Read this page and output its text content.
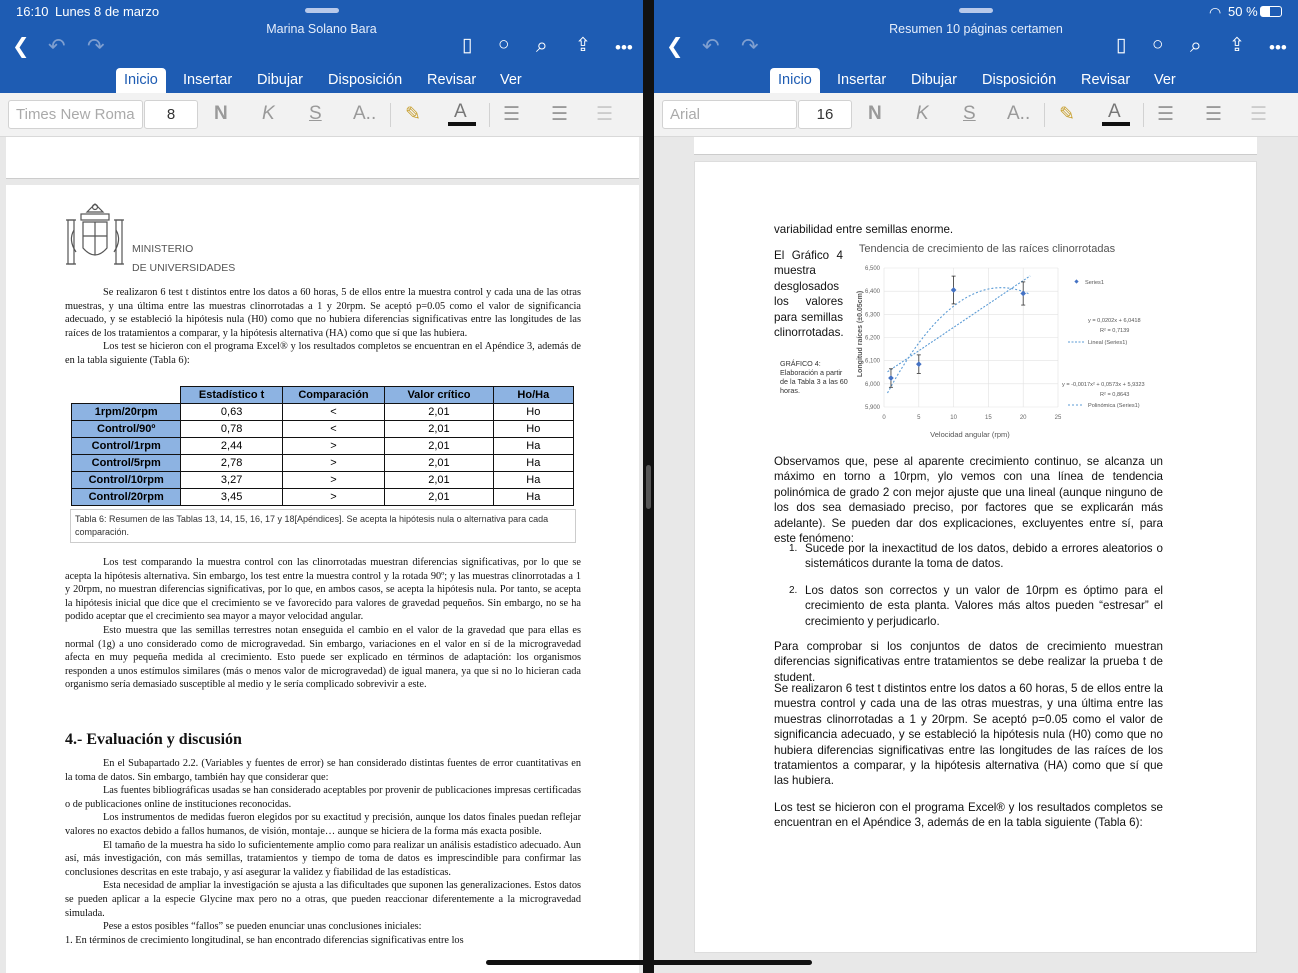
16:10 Lunes 8 de marzo
Marina Solano Bara
❮ ↶ ↷	▯ ○ ⌕ ⇪ •••
Inicio	Insertar Dibujar Disposición Revisar Ver
Times New Roma	8	N K S A.. ✎ A ☰ ☰ ☰
MINISTERIO
DE UNIVERSIDADES

Se realizaron 6 test t distintos entre los datos a 60 horas, 5 de ellos entre la muestra control y cada una de las otras muestras, y una última entre las muestras clinorrotadas a 1 y 20rpm. Se aceptó p=0.05 como el valor de significancia adecuado, y se estableció la hipótesis nula (H0) como que no hubiera diferencias significativas entre las longitudes de las raíces de los tratamientos a comparar, y la hipótesis alternativa (HA) como que sí que las hubiera.

Los test se hicieron con el programa Excel® y los resultados completos se encuentran en el Apéndice 3, además de en la tabla siguiente (Tabla 6):

	Estadístico t	Comparación	Valor crítico	Ho/Ha
1rpm/20rpm	0,63	<	2,01	Ho
Control/90º	0,78	<	2,01	Ho
Control/1rpm	2,44	>	2,01	Ha
Control/5rpm	2,78	>	2,01	Ha
Control/10rpm	3,27	>	2,01	Ha
Control/20rpm	3,45	>	2,01	Ha
Tabla 6: Resumen de las Tablas 13, 14, 15, 16, 17 y 18[Apéndices]. Se acepta la hipótesis nula o alternativa para cada comparación.

Los test comparando la muestra control con las clinorrotadas muestran diferencias significativas, por lo que se acepta la hipótesis alternativa. Sin embargo, los test entre la muestra control y la rotada 90º; y las muestras clinorrotadas a 1 y 20rpm, no muestran diferencias significativas, por lo que, en ambos casos, se acepta la hipótesis nula. Por tanto, se acepta la hipótesis inicial que dice que el crecimiento se ve favorecido para valores de gravedad pequeños. Sin embargo, no se ha podido aceptar que el crecimiento sea mayor a mayor velocidad angular.

Esto muestra que las semillas terrestres notan enseguida el cambio en el valor de la gravedad que para ellas es normal (1g) a uno considerado como de microgravedad. Sin embargo, variaciones en el valor en sí de la microgravedad afecta en muy pequeña medida al crecimiento. Esto puede ser explicado en términos de adaptación: los organismos responden a unos estímulos similares (más o menos valor de microgravedad) de igual manera, ya que si no lo hicieran cada organismo sería demasiado susceptible al medio y le sería complicado sobrevivir a este.

4.- Evaluación y discusión

En el Subapartado 2.2. (Variables y fuentes de error) se han considerado distintas fuentes de error cuantitativas en la toma de datos. Sin embargo, también hay que considerar que:

Las fuentes bibliográficas usadas se han considerado aceptables por provenir de publicaciones impresas certificadas o de publicaciones online de instituciones reconocidas.

Los instrumentos de medidas fueron elegidos por su exactitud y precisión, aunque los datos finales puedan reflejar valores no exactos debido a fallos humanos, de visión, montaje… aunque se hiciera de la forma más exacta posible.

El tamaño de la muestra ha sido lo suficientemente amplio como para realizar un análisis estadístico adecuado. Aun así, más investigación, con más semillas, tratamientos y tiempo de toma de datos es imprescindible para confirmar las conclusiones descritas en este trabajo, y así asegurar la validez y fiabilidad de las estadísticas.

Esta necesidad de ampliar la investigación se ajusta a las dificultades que suponen las generalizaciones. Estos datos se pueden aplicar a la especie Glycine max pero no a otras, que pueden reaccionar diferentemente a la microgravedad simulada.

Pese a estos posibles “fallos” se pueden enunciar unas conclusiones iniciales:

1. En términos de crecimiento longitudinal, se han encontrado diferencias significativas entre los
◠ 50 %
Resumen 10 páginas certamen
❮ ↶ ↷	▯ ○ ⌕ ⇪ •••
Inicio	Insertar Dibujar Disposición Revisar Ver
Arial	16	N K S A.. ✎ A ☰ ☰ ☰
variabilidad entre semillas enorme.
El Gráfico 4 muestra desglosados los valores para semillas clinorrotadas.
GRÁFICO 4: Elaboración a partir de la Tabla 3 a las 60 horas.
Tendencia de crecimiento de las raíces clinorrotadas
Longitud raíces (±0.05cm)
Velocidad angular (rpm)
5,900
6,000
6,100
6,200
6,300
6,400
6,500
0	5	10	15	20	25
Series1
y = 0,0202x + 6,0418
R² = 0,7139
Lineal (Series1)
y = -0,0017x² + 0,0573x + 5,9323
R² = 0,8643
Polinómica (Series1)
Observamos que, pese al aparente crecimiento continuo, se alcanza un máximo en torno a 10rpm, ylo vemos con una línea de tendencia polinómica de grado 2 con mejor ajuste que una lineal (aunque ninguno de los dos sea demasiado preciso, por factores que se explicarán más adelante). Se pueden dar dos explicaciones, excluyentes entre sí, para este fenómeno:
1. Sucede por la inexactitud de los datos, debido a errores aleatorios o sistemáticos durante la toma de datos.
2. Los datos son correctos y un valor de 10rpm es óptimo para el crecimiento de esta planta. Valores más altos pueden “estresar” el crecimiento y perjudicarlo.
Para comprobar si los conjuntos de datos de crecimiento muestran diferencias significativas entre tratamientos se debe realizar la prueba t de student.
Se realizaron 6 test t distintos entre los datos a 60 horas, 5 de ellos entre la muestra control y cada una de las otras muestras, y una última entre las muestras clinorrotadas a 1 y 20rpm. Se aceptó p=0.05 como el valor de significancia adecuado, y se estableció la hipótesis nula (H0) como que no hubiera diferencias significativas entre las longitudes de las raíces de los tratamientos a comparar, y la hipótesis alternativa (HA) como que sí que las hubiera.
Los test se hicieron con el programa Excel® y los resultados completos se encuentran en el Apéndice 3, además de en la tabla siguiente (Tabla 6):
